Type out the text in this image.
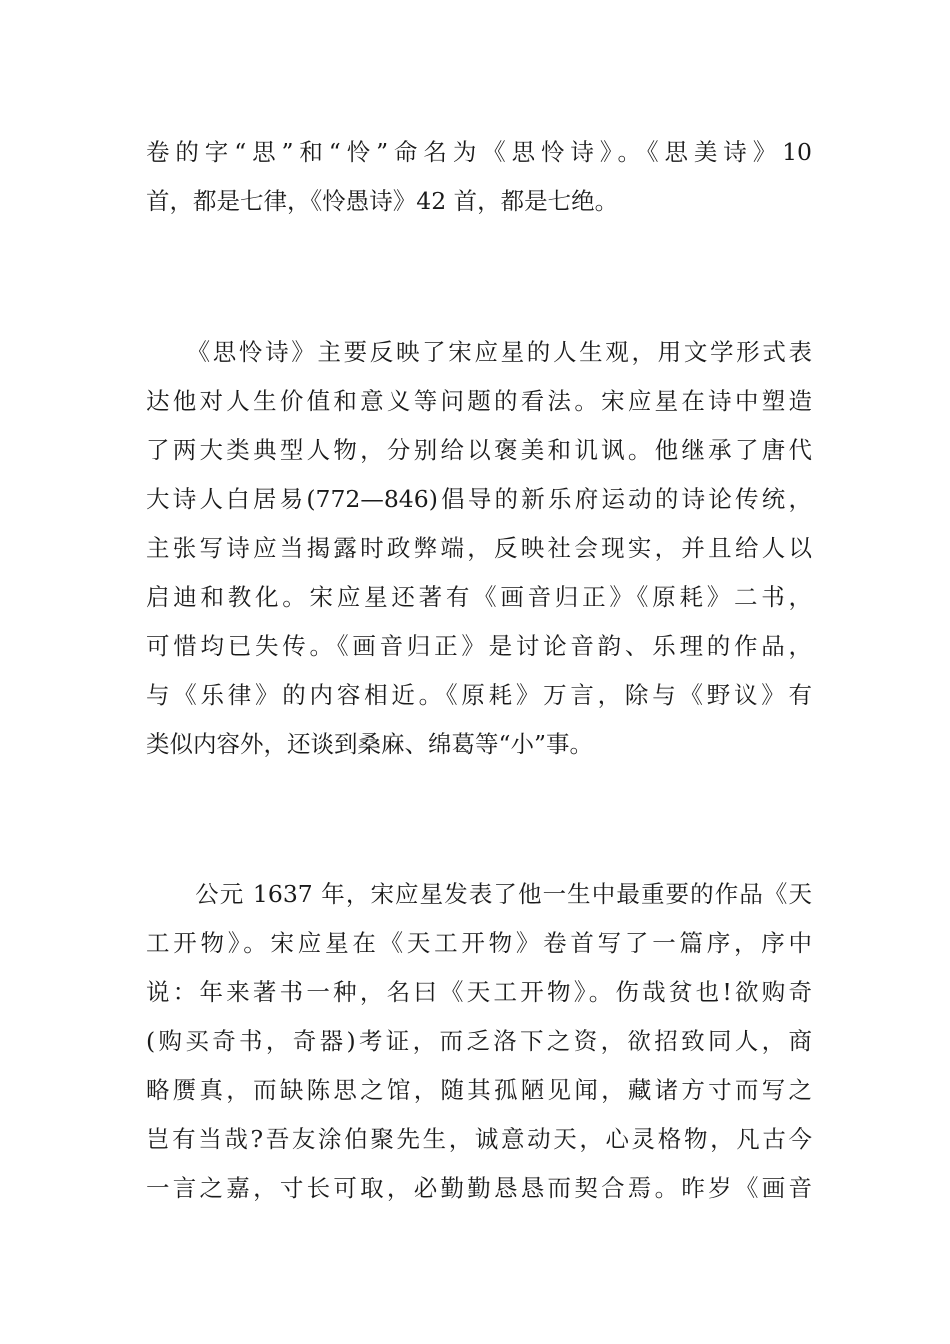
卷的字“思”和“怜”命名为《思怜诗》。《思美诗》10
首，都是七律，《怜愚诗》42 首，都是七绝。
　　《思怜诗》主要反映了宋应星的人生观，用文学形式表
达他对人生价值和意义等问题的看法。宋应星在诗中塑造
了两大类典型人物，分别给以褒美和讥讽。他继承了唐代
大诗人白居易(772—846)倡导的新乐府运动的诗论传统，
主张写诗应当揭露时政弊端，反映社会现实，并且给人以
启迪和教化。宋应星还著有《画音归正》《原耗》二书，
可惜均已失传。《画音归正》是讨论音韵、乐理的作品，
与《乐律》的内容相近。《原耗》万言，除与《野议》有
类似内容外，还谈到桑麻、绵葛等“小”事。
　　公元 1637 年，宋应星发表了他一生中最重要的作品《天
工开物》。宋应星在《天工开物》卷首写了一篇序，序中
说：年来著书一种，名曰《天工开物》。伤哉贫也!欲购奇
(购买奇书，奇器)考证，而乏洛下之资，欲招致同人，商
略赝真，而缺陈思之馆，随其孤陋见闻，藏诸方寸而写之
岂有当哉?吾友涂伯聚先生，诚意动天，心灵格物，凡古今
一言之嘉，寸长可取，必勤勤恳恳而契合焉。昨岁《画音
